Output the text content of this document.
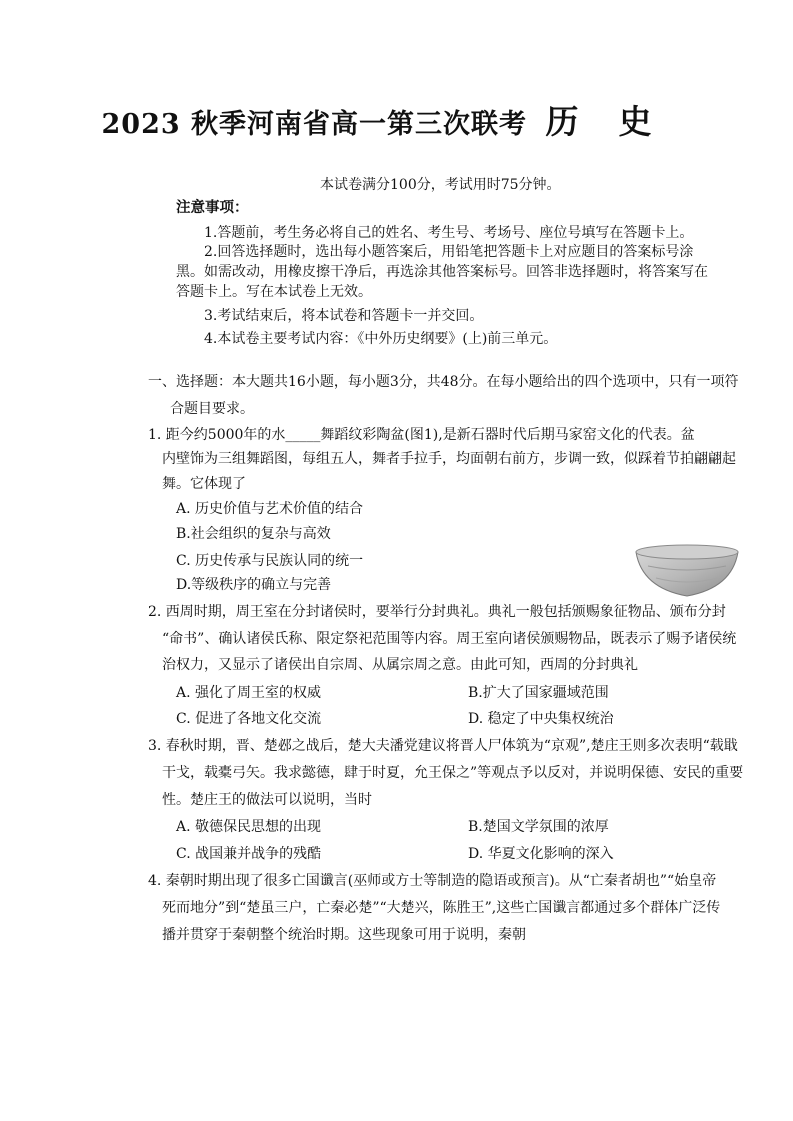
2023 秋季河南省高一第三次联考 历史
本试卷满分100分，考试用时75分钟。
注意事项：
1.答题前，考生务必将自己的姓名、考生号、考场号、座位号填写在答题卡上。
2.回答选择题时，选出每小题答案后，用铅笔把答题卡上对应题目的答案标号涂
黑。如需改动，用橡皮擦干净后，再选涂其他答案标号。回答非选择题时，将答案写在
答题卡上。写在本试卷上无效。
3.考试结束后，将本试卷和答题卡一并交回。
4.本试卷主要考试内容：《中外历史纲要》(上)前三单元。
一、选择题：本大题共16小题，每小题3分，共48分。在每小题给出的四个选项中，只有一项符
合题目要求。
1. 距今约5000年的水_____舞蹈纹彩陶盆(图1),是新石器时代后期马家窑文化的代表。盆
内壁饰为三组舞蹈图，每组五人，舞者手拉手，均面朝右前方，步调一致，似踩着节拍翩翩起
舞。它体现了
A. 历史价值与艺术价值的结合
B.社会组织的复杂与高效
C. 历史传承与民族认同的统一
D.等级秩序的确立与完善
2. 西周时期，周王室在分封诸侯时，要举行分封典礼。典礼一般包括颁赐象征物品、颁布分封
“命书”、确认诸侯氏称、限定祭祀范围等内容。周王室向诸侯颁赐物品，既表示了赐予诸侯统
治权力，又显示了诸侯出自宗周、从属宗周之意。由此可知，西周的分封典礼
A. 强化了周王室的权威	B.扩大了国家疆域范围
C. 促进了各地文化交流	D. 稳定了中央集权统治
3. 春秋时期，晋、楚邲之战后，楚大夫潘党建议将晋人尸体筑为“京观”,楚庄王则多次表明“载戢
干戈，载橐弓矢。我求懿德，肆于时夏，允王保之”等观点予以反对，并说明保德、安民的重要
性。楚庄王的做法可以说明，当时
A. 敬德保民思想的出现	B.楚国文学氛围的浓厚
C. 战国兼并战争的残酷	D. 华夏文化影响的深入
4. 秦朝时期出现了很多亡国谶言(巫师或方士等制造的隐语或预言)。从“亡秦者胡也”“始皇帝
死而地分”到“楚虽三户，亡秦必楚”“大楚兴，陈胜王”,这些亡国谶言都通过多个群体广泛传
播并贯穿于秦朝整个统治时期。这些现象可用于说明，秦朝
